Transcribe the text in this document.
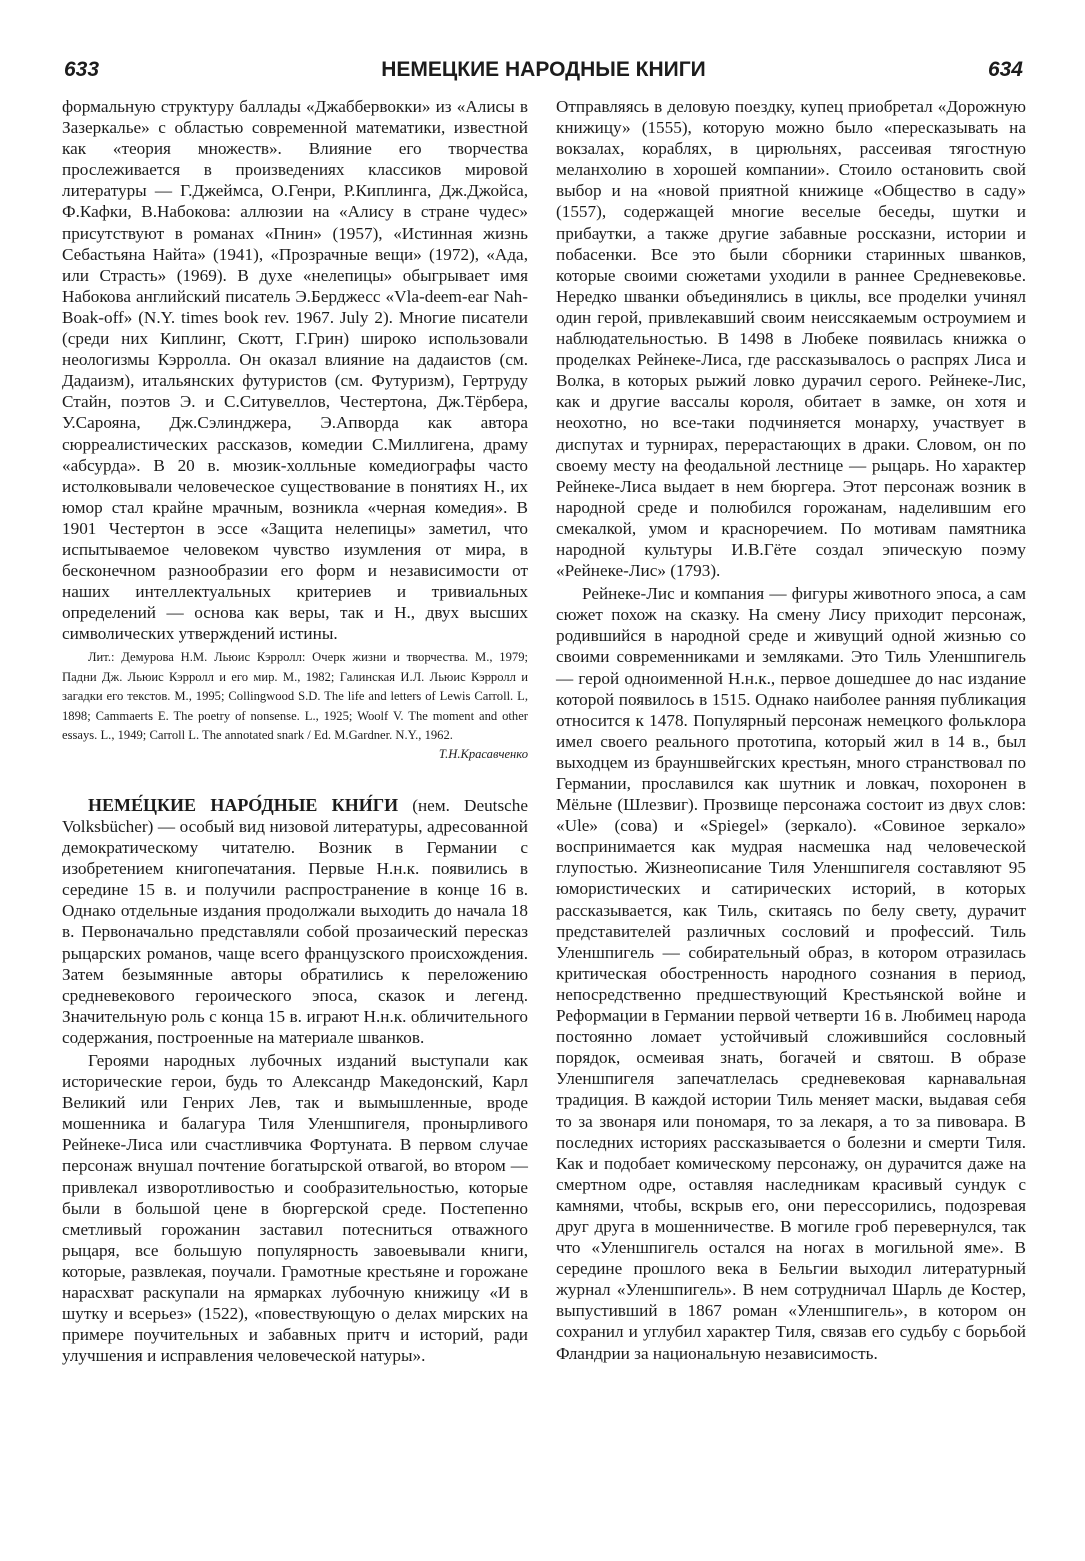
633	НЕМЕЦКИЕ НАРОДНЫЕ КНИГИ	634

формальную структуру баллады «Джаббервокки» из «Алисы в Зазеркалье» с областью современной математики, известной как «теория множеств». Влияние его творчества прослеживается в произведениях классиков мировой литературы — Г.Джеймса, О.Генри, Р.Киплинга, Дж.Джойса, Ф.Кафки, В.Набокова: аллюзии на «Алису в стране чудес» присутствуют в романах «Пнин» (1957), «Истинная жизнь Себастьяна Найта» (1941), «Прозрачные вещи» (1972), «Ада, или Страсть» (1969). В духе «нелепицы» обыгрывает имя Набокова английский писатель Э.Берджесс «Vla-deem-ear Nah-Boak-off» (N.Y. times book rev. 1967. July 2). Многие писатели (среди них Киплинг, Скотт, Г.Грин) широко использовали неологизмы Кэрролла. Он оказал влияние на дадаистов (см. Дадаизм), итальянских футуристов (см. Футуризм), Гертруду Стайн, поэтов Э. и С.Ситувеллов, Честертона, Дж.Тёрбера, У.Сарояна, Дж.Сэлинджера, Э.Апворда как автора сюрреалистических рассказов, комедии С.Миллигена, драму «абсурда». В 20 в. мюзик-холльные комедиографы часто истолковывали человеческое существование в понятиях Н., их юмор стал крайне мрачным, возникла «черная комедия». В 1901 Честертон в эссе «Защита нелепицы» заметил, что испытываемое человеком чувство изумления от мира, в бесконечном разнообразии его форм и независимости от наших интеллектуальных критериев и тривиальных определений — основа как веры, так и Н., двух высших символических утверждений истины.

Лит.: Демурова Н.М. Льюис Кэрролл: Очерк жизни и творчества. М., 1979; Падни Дж. Льюис Кэрролл и его мир. М., 1982; Галинская И.Л. Льюис Кэрролл и загадки его текстов. М., 1995; Collingwood S.D. The life and letters of Lewis Carroll. L, 1898; Cammaerts E. The poetry of nonsense. L., 1925; Woolf V. The moment and other essays. L., 1949; Carroll L. The annotated snark / Ed. M.Gardner. N.Y., 1962.
Т.Н.Красавченко

НЕМЕ́ЦКИЕ НАРО́ДНЫЕ КНИ́ГИ (нем. Deutsche Volksbücher) — особый вид низовой литературы, адресованной демократическому читателю. Возник в Германии с изобретением книгопечатания. Первые Н.н.к. появились в середине 15 в. и получили распространение в конце 16 в. Однако отдельные издания продолжали выходить до начала 18 в. Первоначально представляли собой прозаический пересказ рыцарских романов, чаще всего французского происхождения. Затем безымянные авторы обратились к переложению средневекового героического эпоса, сказок и легенд. Значительную роль с конца 15 в. играют Н.н.к. обличительного содержания, построенные на материале шванков.

Героями народных лубочных изданий выступали как исторические герои, будь то Александр Македонский, Карл Великий или Генрих Лев, так и вымышленные, вроде мошенника и балагура Тиля Уленшпигеля, пронырливого Рейнеке-Лиса или счастливчика Фортуната. В первом случае персонаж внушал почтение богатырской отвагой, во втором — привлекал изворотливостью и сообразительностью, которые были в большой цене в бюргерской среде. Постепенно сметливый горожанин заставил потесниться отважного рыцаря, все большую популярность завоевывали книги, которые, развлекая, поучали. Грамотные крестьяне и горожане нарасхват раскупали на ярмарках лубочную книжицу «И в шутку и всерьез» (1522), «повествующую о делах мирских на примере поучительных и забавных притч и историй, ради улучшения и исправления человеческой натуры».

Отправляясь в деловую поездку, купец приобретал «Дорожную книжицу» (1555), которую можно было «пересказывать на вокзалах, кораблях, в цирюльнях, рассеивая тягостную меланхолию в хорошей компании». Стоило остановить свой выбор и на «новой приятной книжице «Общество в саду» (1557), содержащей многие веселые беседы, шутки и прибаутки, а также другие забавные россказни, истории и побасенки. Все это были сборники старинных шванков, которые своими сюжетами уходили в раннее Средневековье. Нередко шванки объединялись в циклы, все проделки учинял один герой, привлекавший своим неиссякаемым остроумием и наблюдательностью. В 1498 в Любеке появилась книжка о проделках Рейнеке-Лиса, где рассказывалось о распрях Лиса и Волка, в которых рыжий ловко дурачил серого. Рейнеке-Лис, как и другие вассалы короля, обитает в замке, он хотя и неохотно, но все-таки подчиняется монарху, участвует в диспутах и турнирах, перерастающих в драки. Словом, он по своему месту на феодальной лестнице — рыцарь. Но характер Рейнеке-Лиса выдает в нем бюргера. Этот персонаж возник в народной среде и полюбился горожанам, наделившим его смекалкой, умом и красноречием. По мотивам памятника народной культуры И.В.Гёте создал эпическую поэму «Рейнеке-Лис» (1793).

Рейнеке-Лис и компания — фигуры животного эпоса, а сам сюжет похож на сказку. На смену Лису приходит персонаж, родившийся в народной среде и живущий одной жизнью со своими современниками и земляками. Это Тиль Уленшпигель — герой одноименной Н.н.к., первое дошедшее до нас издание которой появилось в 1515. Однако наиболее ранняя публикация относится к 1478. Популярный персонаж немецкого фольклора имел своего реального прототипа, который жил в 14 в., был выходцем из брауншвейгских крестьян, много странствовал по Германии, прославился как шутник и ловкач, похоронен в Мёльне (Шлезвиг). Прозвище персонажа состоит из двух слов: «Ule» (сова) и «Spiegel» (зеркало). «Совиное зеркало» воспринимается как мудрая насмешка над человеческой глупостью. Жизнеописание Тиля Уленшпигеля составляют 95 юмористических и сатирических историй, в которых рассказывается, как Тиль, скитаясь по белу свету, дурачит представителей различных сословий и профессий. Тиль Уленшпигель — собирательный образ, в котором отразилась критическая обостренность народного сознания в период, непосредственно предшествующий Крестьянской войне и Реформации в Германии первой четверти 16 в. Любимец народа постоянно ломает устойчивый сложившийся сословный порядок, осмеивая знать, богачей и святош. В образе Уленшпигеля запечатлелась средневековая карнавальная традиция. В каждой истории Тиль меняет маски, выдавая себя то за звонаря или пономаря, то за лекаря, а то за пивовара. В последних историях рассказывается о болезни и смерти Тиля. Как и подобает комическому персонажу, он дурачится даже на смертном одре, оставляя наследникам красивый сундук с камнями, чтобы, вскрыв его, они перессорились, подозревая друг друга в мошенничестве. В могиле гроб перевернулся, так что «Уленшпигель остался на ногах в могильной яме». В середине прошлого века в Бельгии выходил литературный журнал «Уленшпигель». В нем сотрудничал Шарль де Костер, выпустивший в 1867 роман «Уленшпигель», в котором он сохранил и углубил характер Тиля, связав его судьбу с борьбой Фландрии за национальную независимость.
